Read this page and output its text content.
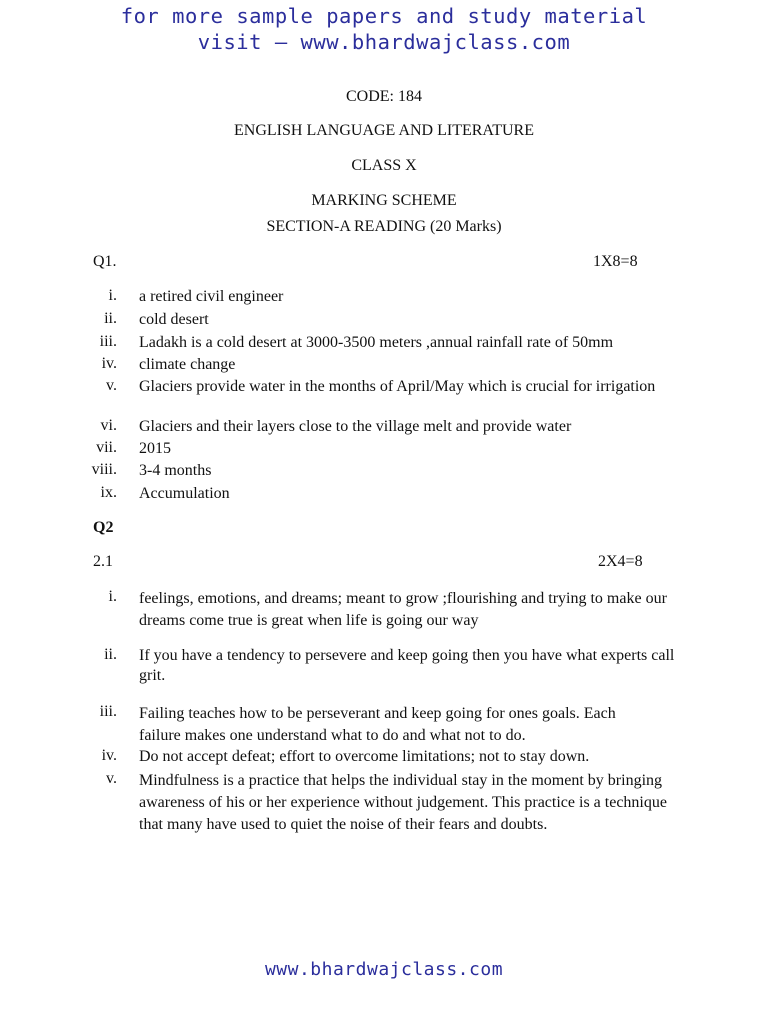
for more sample papers and study material
visit – www.bhardwajclass.com
CODE: 184
ENGLISH LANGUAGE AND LITERATURE
CLASS X
MARKING SCHEME
SECTION-A READING (20 Marks)
Q1.	1X8=8
i. a retired civil engineer
ii. cold desert
iii. Ladakh is a cold desert at 3000-3500 meters ,annual rainfall rate of 50mm
iv. climate change
v. Glaciers provide water in the months of April/May which is crucial for irrigation
vi. Glaciers and their layers close to the village melt and provide water
vii. 2015
viii. 3-4 months
ix. Accumulation
Q2
2.1	2X4=8
i. feelings, emotions, and dreams; meant to grow ;flourishing and trying to make our dreams come true is great when life is going our way
ii. If you have a tendency to persevere and keep going then you have what experts call grit.
iii. Failing teaches how to be perseverant and keep going for ones goals. Each failure makes one understand what to do and what not to do.
iv. Do not accept defeat; effort to overcome limitations; not to stay down.
v. Mindfulness is a practice that helps the individual stay in the moment by bringing awareness of his or her experience without judgement. This practice is a technique that many have used to quiet the noise of their fears and doubts.
www.bhardwajclass.com
